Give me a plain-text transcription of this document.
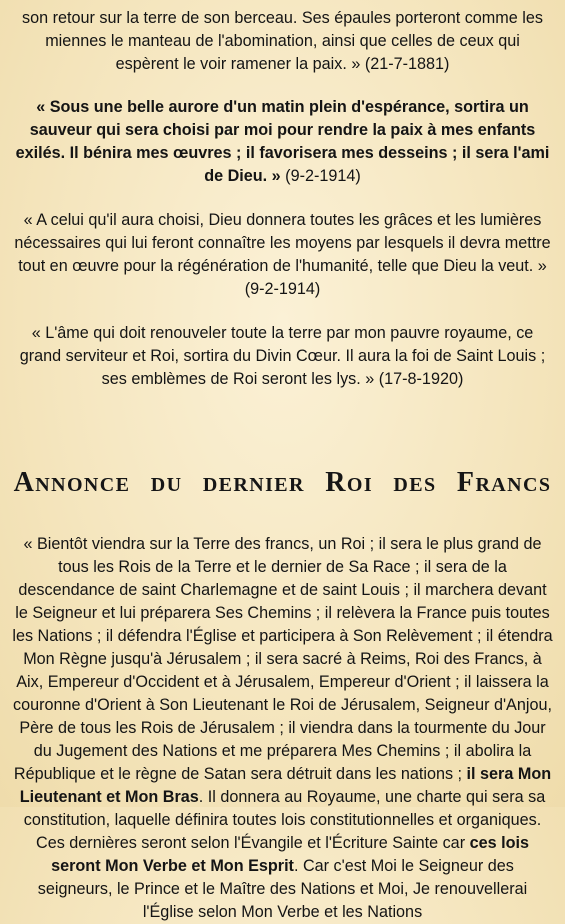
son retour sur la terre de son berceau. Ses épaules porteront comme les miennes le manteau de l'abomination, ainsi que celles de ceux qui espèrent le voir ramener la paix. » (21-7-1881)

« Sous une belle aurore d'un matin plein d'espérance, sortira un sauveur qui sera choisi par moi pour rendre la paix à mes enfants exilés. Il bénira mes œuvres ; il favorisera mes desseins ; il sera l'ami de Dieu. » (9-2-1914)

« A celui qu'il aura choisi, Dieu donnera toutes les grâces et les lumières nécessaires qui lui feront connaître les moyens par lesquels il devra mettre tout en œuvre pour la régénération de l'humanité, telle que Dieu la veut. » (9-2-1914)

« L'âme qui doit renouveler toute la terre par mon pauvre royaume, ce grand serviteur et Roi, sortira du Divin Cœur. Il aura la foi de Saint Louis ; ses emblèmes de Roi seront les lys. » (17-8-1920)

Annonce du dernier Roi des Francs

« Bientôt viendra sur la Terre des francs, un Roi ; il sera le plus grand de tous les Rois de la Terre et le dernier de Sa Race ; il sera de la descendance de saint Charlemagne et de saint Louis ; il marchera devant le Seigneur et lui préparera Ses Chemins ; il relèvera la France puis toutes les Nations ; il défendra l'Église et participera à Son Relèvement ; il étendra Mon Règne jusqu'à Jérusalem ; il sera sacré à Reims, Roi des Francs, à Aix, Empereur d'Occident et à Jérusalem, Empereur d'Orient ; il laissera la couronne d'Orient à Son Lieutenant le Roi de Jérusalem, Seigneur d'Anjou, Père de tous les Rois de Jérusalem ; il viendra dans la tourmente du Jour du Jugement des Nations et me préparera Mes Chemins ; il abolira la République et le règne de Satan sera détruit dans les nations ; il sera Mon Lieutenant et Mon Bras. Il donnera au Royaume, une charte qui sera sa constitution, laquelle définira toutes lois constitutionnelles et organiques. Ces dernières seront selon l'Évangile et l'Écriture Sainte car ces lois seront Mon Verbe et Mon Esprit. Car c'est Moi le Seigneur des seigneurs, le Prince et le Maître des Nations et Moi, Je renouvellerai l'Église selon Mon Verbe et les Nations
